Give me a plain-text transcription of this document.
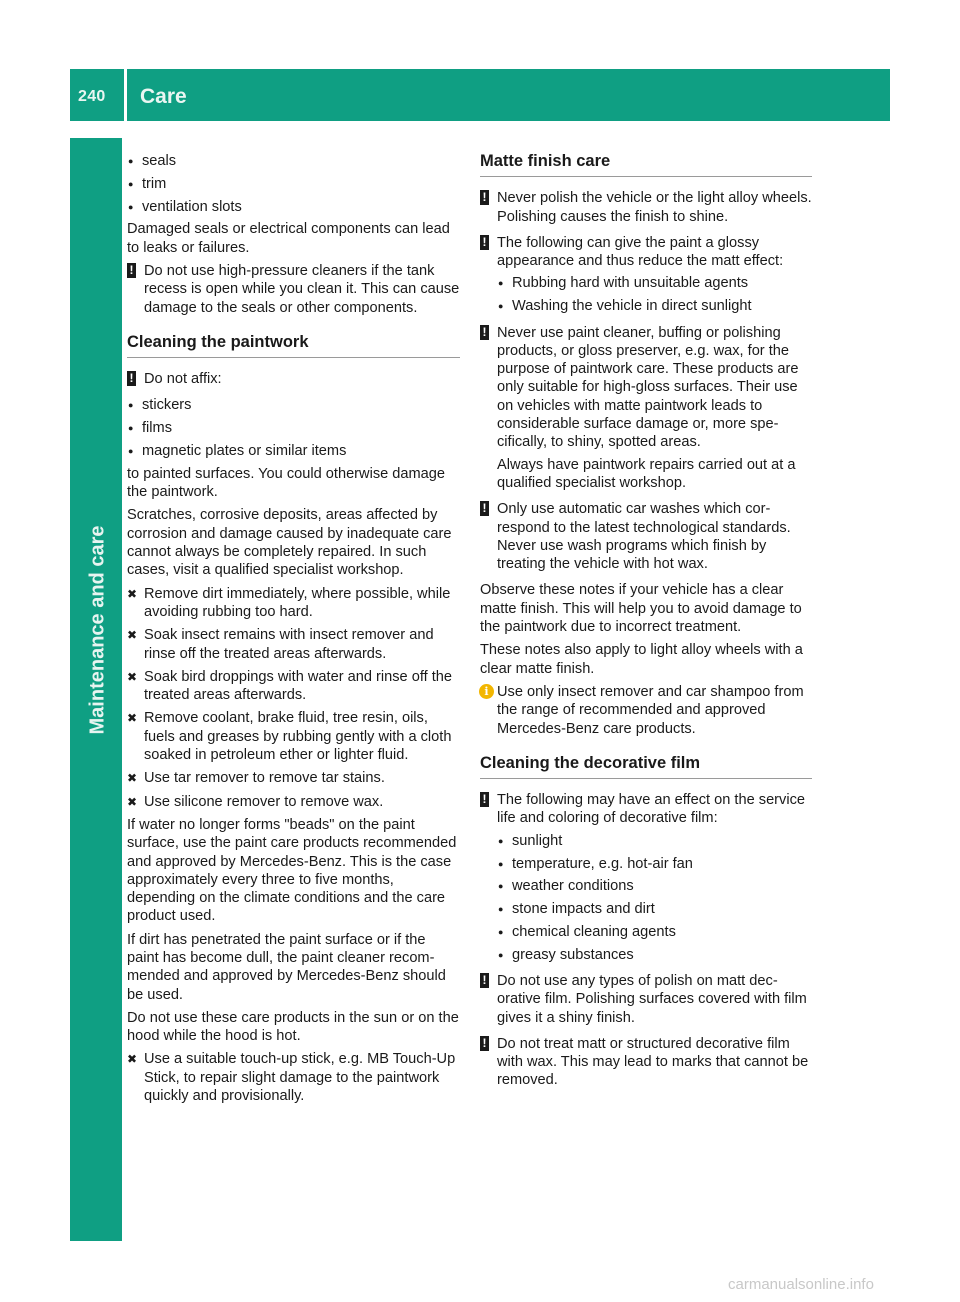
240	Care
Maintenance and care
● seals
● trim
● ventilation slots

Damaged seals or electrical components can lead to leaks or failures.

! Do not use high-pressure cleaners if the tank recess is open while you clean it. This can cause damage to the seals or other components.

Cleaning the paintwork
! Do not affix:

● stickers
● films
● magnetic plates or similar items

to painted surfaces. You could otherwise damage the paintwork.

Scratches, corrosive deposits, areas affected by corrosion and damage caused by inadequate care cannot always be completely repaired. In such cases, visit a qualified specialist workshop.

✖ Remove dirt immediately, where possible, while avoiding rubbing too hard.
✖ Soak insect remains with insect remover and rinse off the treated areas afterwards.
✖ Soak bird droppings with water and rinse off the treated areas afterwards.
✖ Remove coolant, brake fluid, tree resin, oils, fuels and greases by rubbing gently with a cloth soaked in petroleum ether or lighter fluid.
✖ Use tar remover to remove tar stains.
✖ Use silicone remover to remove wax.

If water no longer forms "beads" on the paint surface, use the paint care products recommended and approved by Mercedes-Benz. This is the case approximately every three to five months, depending on the climate conditions and the care product used.

If dirt has penetrated the paint surface or if the paint has become dull, the paint cleaner recommended and approved by Mercedes-Benz should be used.

Do not use these care products in the sun or on the hood while the hood is hot.

✖ Use a suitable touch-up stick, e.g. MB Touch-Up Stick, to repair slight damage to the paintwork quickly and provisionally.
Matte finish care
! Never polish the vehicle or the light alloy wheels. Polishing causes the finish to shine.

! The following can give the paint a glossy appearance and thus reduce the matt effect:

● Rubbing hard with unsuitable agents
● Washing the vehicle in direct sunlight
! Never use paint cleaner, buffing or polishing products, or gloss preserver, e.g. wax, for the purpose of paintwork care. These products are only suitable for high-gloss surfaces. Their use on vehicles with matte paintwork leads to considerable surface damage or, more specifically, to shiny, spotted areas.

Always have paintwork repairs carried out at a qualified specialist workshop.

! Only use automatic car washes which correspond to the latest technological standards. Never use wash programs which finish by treating the vehicle with hot wax.

Observe these notes if your vehicle has a clear matte finish. This will help you to avoid damage to the paintwork due to incorrect treatment.

These notes also apply to light alloy wheels with a clear matte finish.

i Use only insect remover and car shampoo from the range of recommended and approved Mercedes-Benz care products.

Cleaning the decorative film
! The following may have an effect on the service life and coloring of decorative film:

● sunlight
● temperature, e.g. hot-air fan
● weather conditions
● stone impacts and dirt
● chemical cleaning agents
● greasy substances
! Do not use any types of polish on matt decorative film. Polishing surfaces covered with film gives it a shiny finish.

! Do not treat matt or structured decorative film with wax. This may lead to marks that cannot be removed.

carmanualsonline.info
